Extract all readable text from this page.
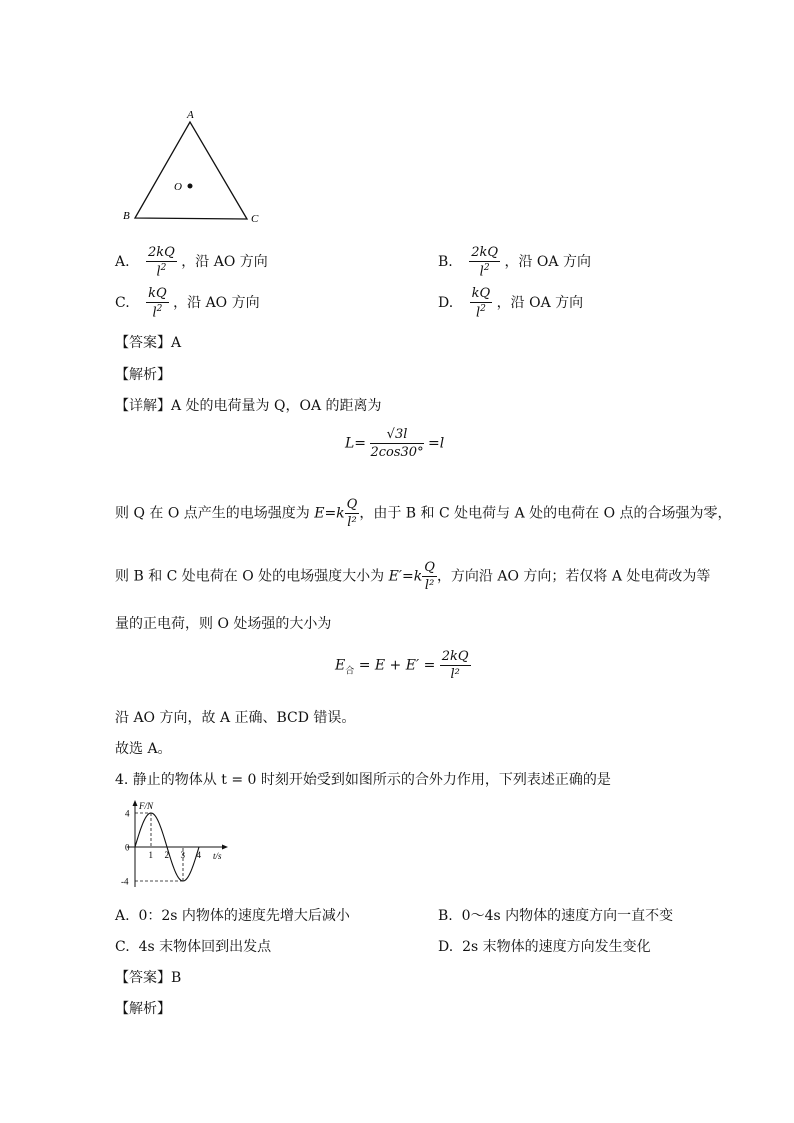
A
B	C
O
A. $\frac{2kQ}{l^2}$ ，沿 AO 方向	B. $\frac{2kQ}{l^2}$ ，沿 OA 方向
C. $\frac{kQ}{l^2}$ ，沿 AO 方向	D. $\frac{kQ}{l^2}$ ，沿 OA 方向
【答案】A
【解析】
【详解】A 处的电荷量为 Q，OA 的距离为
$L= \frac{√3l}{2\cos 30^\circ} =l$
则 Q 在 O 点产生的电场强度为 $E=k \frac{Q}{\text{l²}}$ ，由于 B 和 C 处电荷与 A 处的电荷在 O 点的合场强为零，
则 B 和 C 处电荷在 O 处的电场强度大小为 $E'=k \frac{Q}{\text{l²}}$ ，方向沿 AO 方向；若仅将 A 处电荷改为等
量的正电荷，则 O 处场强的大小为
$E_合 = E + E' = \frac{2kQ}{\text{l²}}$
沿 AO 方向，故 A 正确、BCD 错误。
故选 A。
4. 静止的物体从 t = 0 时刻开始受到如图所示的合外力作用，下列表述正确的是
F/N
t/s
4
0
-4
1 2 3 4
A. 0：2s 内物体的速度先增大后减小	B. 0～4s 内物体的速度方向一直不变
C. 4s 末物体回到出发点	D. 2s 末物体的速度方向发生变化
【答案】B
【解析】
